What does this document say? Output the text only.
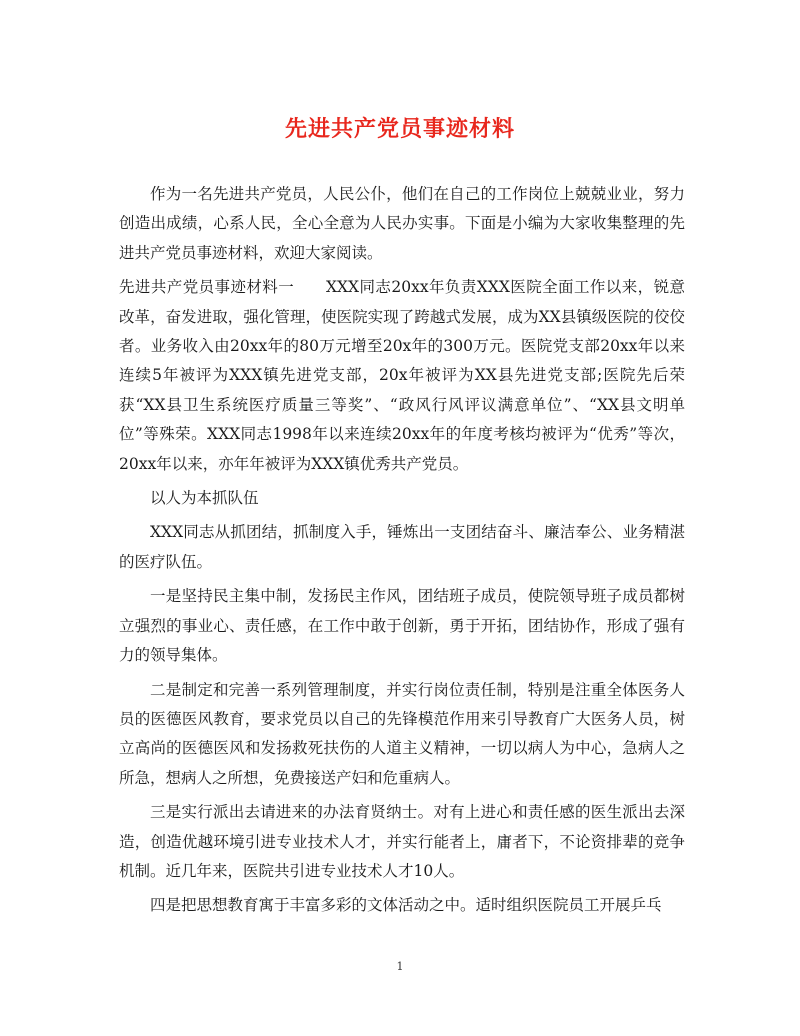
先进共产党员事迹材料

作为一名先进共产党员，人民公仆，他们在自己的工作岗位上兢兢业业，努力创造出成绩，心系人民，全心全意为人民办实事。下面是小编为大家收集整理的先进共产党员事迹材料，欢迎大家阅读。

先进共产党员事迹材料一　　XXX同志20xx年负责XXX医院全面工作以来，锐意改革，奋发进取，强化管理，使医院实现了跨越式发展，成为XX县镇级医院的佼佼者。业务收入由20xx年的80万元增至20x年的300万元。医院党支部20xx年以来连续5年被评为XXX镇先进党支部，20x年被评为XX县先进党支部;医院先后荣获“XX县卫生系统医疗质量三等奖”、“政风行风评议满意单位”、“XX县文明单位”等殊荣。XXX同志1998年以来连续20xx年的年度考核均被评为“优秀”等次，20xx年以来，亦年年被评为XXX镇优秀共产党员。

以人为本抓队伍

XXX同志从抓团结，抓制度入手，锤炼出一支团结奋斗、廉洁奉公、业务精湛的医疗队伍。

一是坚持民主集中制，发扬民主作风，团结班子成员，使院领导班子成员都树立强烈的事业心、责任感，在工作中敢于创新，勇于开拓，团结协作，形成了强有力的领导集体。

二是制定和完善一系列管理制度，并实行岗位责任制，特别是注重全体医务人员的医德医风教育，要求党员以自己的先锋模范作用来引导教育广大医务人员，树立高尚的医德医风和发扬救死扶伤的人道主义精神，一切以病人为中心，急病人之所急，想病人之所想，免费接送产妇和危重病人。

三是实行派出去请进来的办法育贤纳士。对有上进心和责任感的医生派出去深造，创造优越环境引进专业技术人才，并实行能者上，庸者下，不论资排辈的竞争机制。近几年来，医院共引进专业技术人才10人。

四是把思想教育寓于丰富多彩的文体活动之中。适时组织医院员工开展乒乓

1
